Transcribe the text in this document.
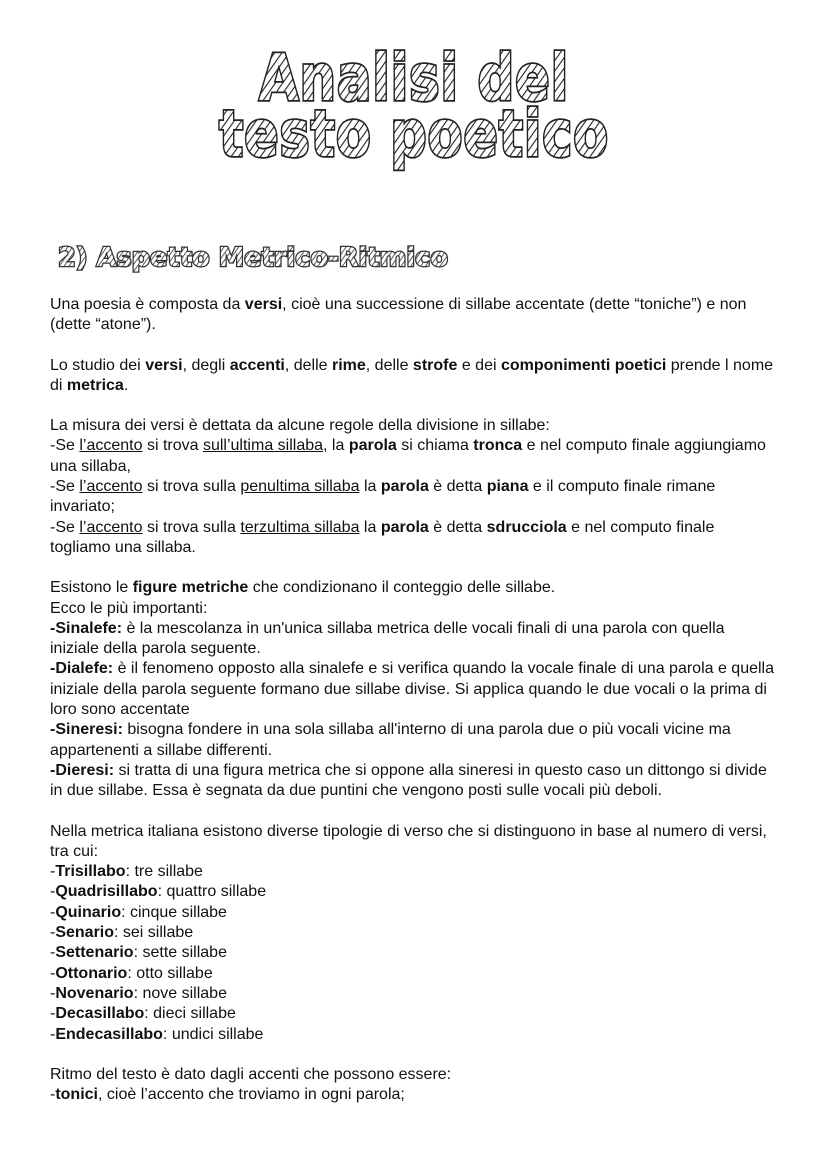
Analisi del
testo poetico
2) Aspetto Metrico-Ritmico

Una poesia è composta da versi, cioè una successione di sillabe accentate (dette “toniche”) e non (dette “atone”).

Lo studio dei versi, degli accenti, delle rime, delle strofe e dei componimenti poetici prende l nome di metrica.

La misura dei versi è dettata da alcune regole della divisione in sillabe:
-Se l’accento si trova sull’ultima sillaba, la parola si chiama tronca e nel computo finale aggiungiamo una sillaba,
-Se l’accento si trova sulla penultima sillaba la parola è detta piana e il computo finale rimane invariato;
-Se l’accento si trova sulla terzultima sillaba la parola è detta sdrucciola e nel computo finale togliamo una sillaba.

Esistono le figure metriche che condizionano il conteggio delle sillabe.
Ecco le più importanti:
-Sinalefe: è la mescolanza in un'unica sillaba metrica delle vocali finali di una parola con quella iniziale della parola seguente.
-Dialefe: è il fenomeno opposto alla sinalefe e si verifica quando la vocale finale di una parola e quella iniziale della parola seguente formano due sillabe divise. Si applica quando le due vocali o la prima di loro sono accentate
-Sineresi: bisogna fondere in una sola sillaba all'interno di una parola due o più vocali vicine ma appartenenti a sillabe differenti.
-Dieresi: si tratta di una figura metrica che si oppone alla sineresi in questo caso un dittongo si divide in due sillabe. Essa è segnata da due puntini che vengono posti sulle vocali più deboli.

Nella metrica italiana esistono diverse tipologie di verso che si distinguono in base al numero di versi, tra cui:
-Trisillabo: tre sillabe
-Quadrisillabo: quattro sillabe
-Quinario: cinque sillabe
-Senario: sei sillabe
-Settenario: sette sillabe
-Ottonario: otto sillabe
-Novenario: nove sillabe
-Decasillabo: dieci sillabe
-Endecasillabo: undici sillabe

Ritmo del testo è dato dagli accenti che possono essere:
-tonici, cioè l’accento che troviamo in ogni parola;
